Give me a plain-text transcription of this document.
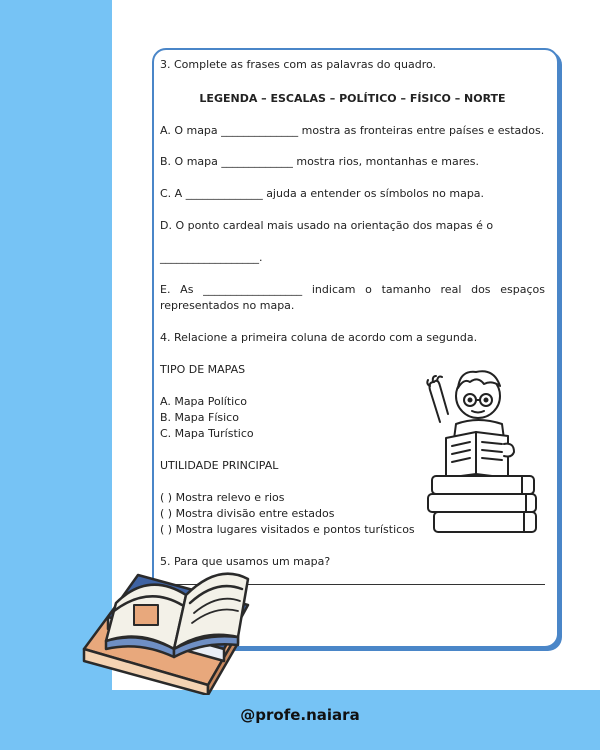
3. Complete as frases com as palavras do quadro.

LEGENDA – ESCALAS – POLÍTICO – FÍSICO – NORTE

A. O mapa ______________ mostra as fronteiras entre países e estados.

B. O mapa _____________ mostra rios, montanhas e mares.

C. A ______________ ajuda a entender os símbolos no mapa.

D. O ponto cardeal mais usado na orientação dos mapas é o

__________________.

E. As __________________ indicam o tamanho real dos espaços

representados no mapa.

4. Relacione a primeira coluna de acordo com a segunda.

TIPO DE MAPAS

A. Mapa Político

B. Mapa Físico

C. Mapa Turístico

UTILIDADE PRINCIPAL

( ) Mostra relevo e rios

( ) Mostra divisão entre estados

( ) Mostra lugares visitados e pontos turísticos

5. Para que usamos um mapa?

@profe.naiara
